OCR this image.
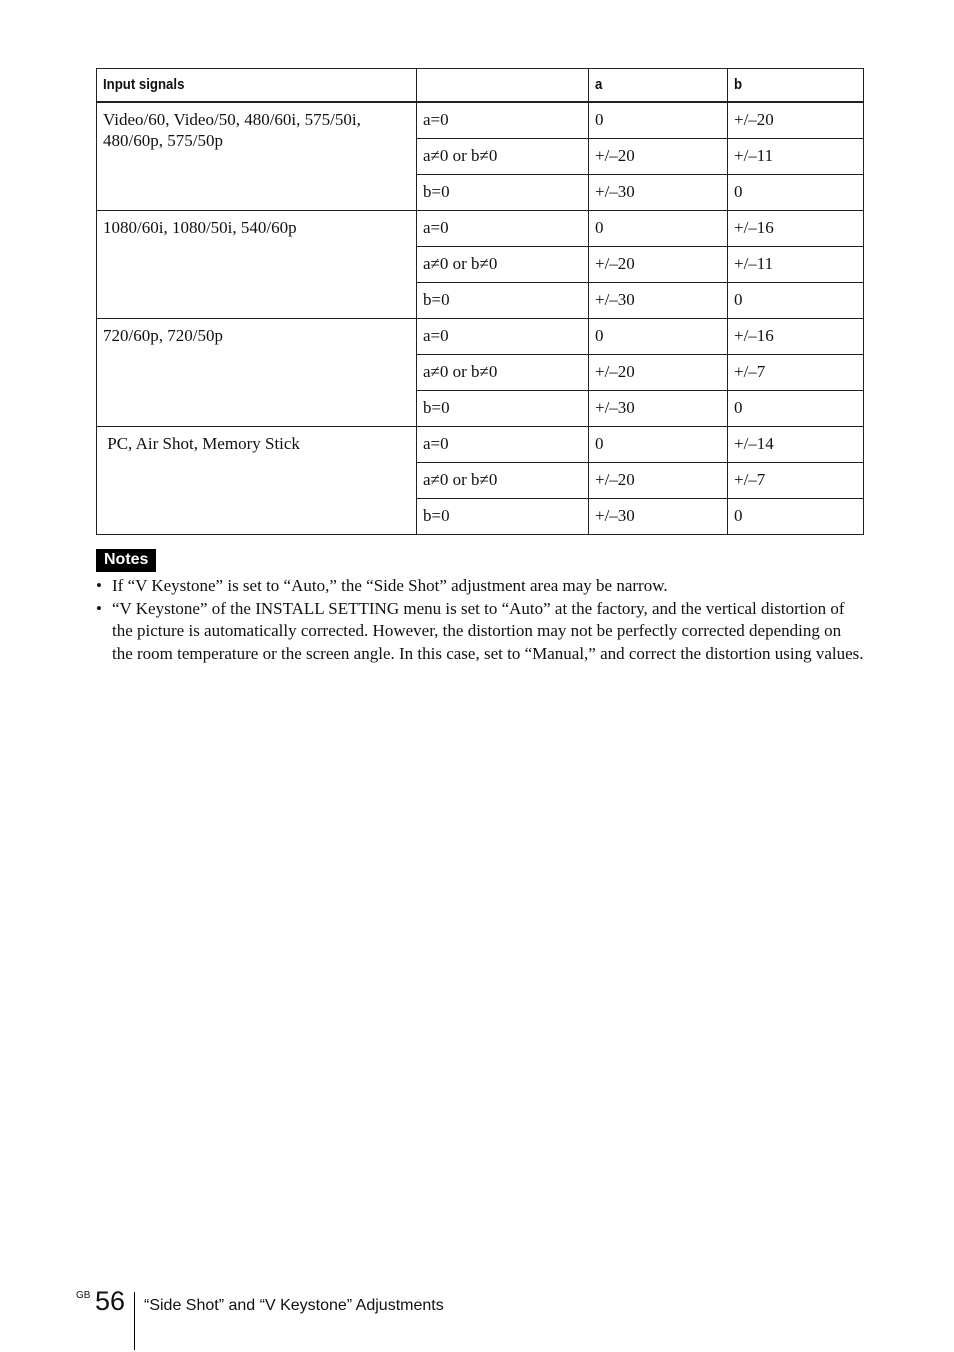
Input signals		a	b
Video/60, Video/50, 480/60i, 575/50i, 480/60p, 575/50p	a=0	0	+/–20
	a≠0 or b≠0	+/–20	+/–11
	b=0	+/–30	0
1080/60i, 1080/50i, 540/60p	a=0	0	+/–16
	a≠0 or b≠0	+/–20	+/–11
	b=0	+/–30	0
720/60p, 720/50p	a=0	0	+/–16
	a≠0 or b≠0	+/–20	+/–7
	b=0	+/–30	0
PC, Air Shot, Memory Stick	a=0	0	+/–14
	a≠0 or b≠0	+/–20	+/–7
	b=0	+/–30	0
Notes
• If “V Keystone” is set to “Auto,” the “Side Shot” adjustment area may be narrow.
• “V Keystone” of the INSTALL SETTING menu is set to “Auto” at the factory, and the vertical distortion of the picture is automatically corrected. However, the distortion may not be perfectly corrected depending on the room temperature or the screen angle. In this case, set to “Manual,” and correct the distortion using values.
GB 56 “Side Shot” and “V Keystone” Adjustments
